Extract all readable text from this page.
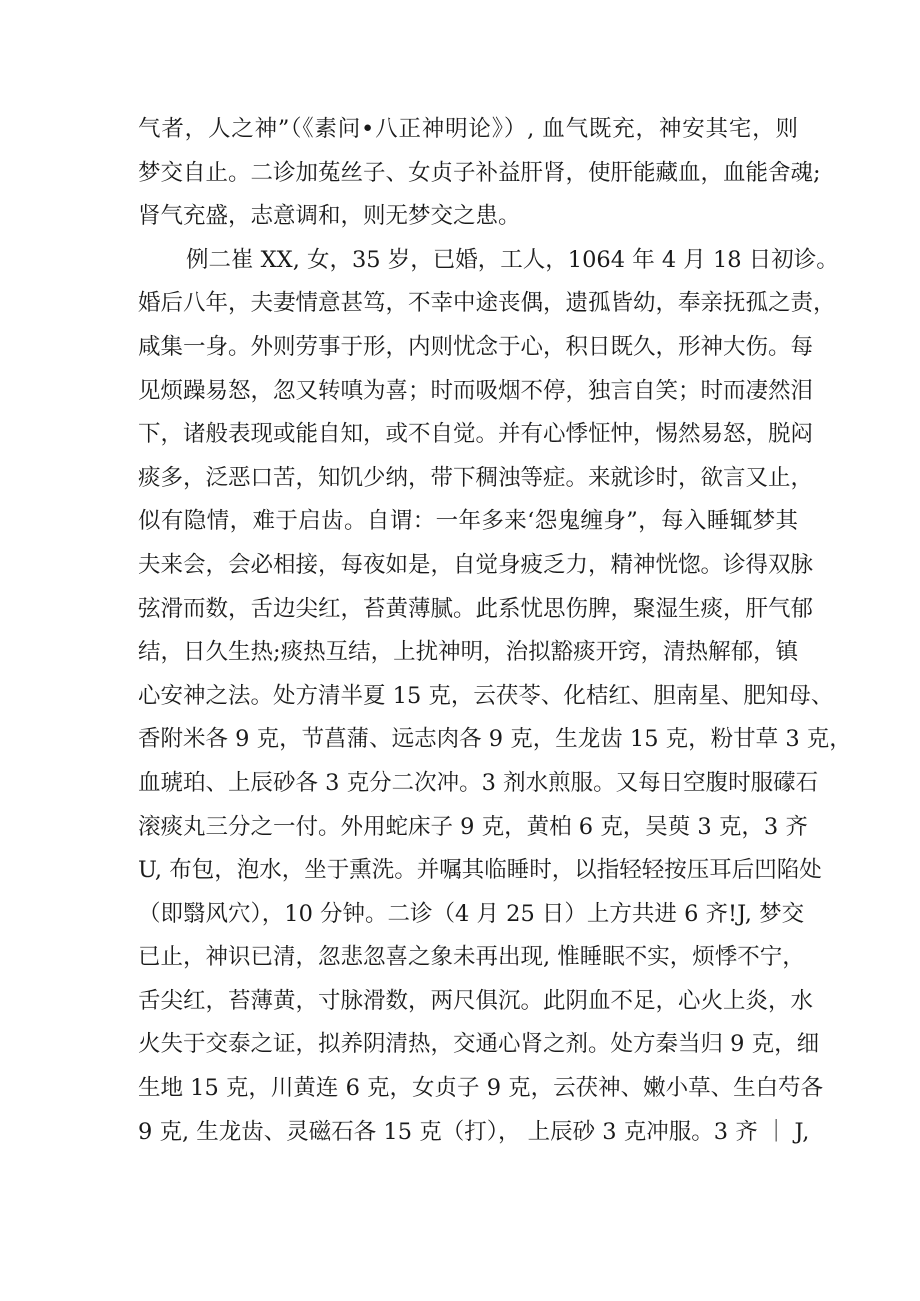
气者，人之神”（《素问•八正神明论》）, 血气既充，神安其宅，则
梦交自止。二诊加菟丝子、女贞子补益肝肾，使肝能藏血，血能舍魂;
肾气充盛，志意调和，则无梦交之患。
例二崔 XX, 女，35 岁，已婚，工人，1064 年 4 月 18 日初诊。
婚后八年，夫妻情意甚笃，不幸中途丧偶，遗孤皆幼，奉亲抚孤之责，
咸集一身。外则劳事于形，内则忧念于心，积日既久，形神大伤。每
见烦躁易怒，忽又转嗔为喜；时而吸烟不停，独言自笑；时而凄然泪
下，诸般表现或能自知，或不自觉。并有心悸怔忡，惕然易怒，脱闷
痰多，泛恶口苦，知饥少纳，带下稠浊等症。来就诊时，欲言又止，
似有隐情，难于启齿。自谓：一年多来‘怨鬼缠身”，每入睡辄梦其
夫来会，会必相接，每夜如是，自觉身疲乏力，精神恍惚。诊得双脉
弦滑而数，舌边尖红，苔黄薄腻。此系忧思伤脾，聚湿生痰，肝气郁
结，日久生热;痰热互结，上扰神明，治拟豁痰开窍，清热解郁，镇
心安神之法。处方清半夏 15 克，云茯苓、化桔红、胆南星、肥知母、
香附米各 9 克，节菖蒲、远志肉各 9 克，生龙齿 15 克，粉甘草 3 克，
血琥珀、上辰砂各 3 克分二次冲。3 剂水煎服。又每日空腹时服礞石
滚痰丸三分之一付。外用蛇床子 9 克，黄柏 6 克，吴萸 3 克，3 齐
U, 布包，泡水，坐于熏洗。并嘱其临睡时，以指轻轻按压耳后凹陷处
（即翳风穴），10 分钟。二诊（4 月 25 日）上方共进 6 齐!J, 梦交
已止，神识已清，忽悲忽喜之象未再出现, 惟睡眠不实，烦悸不宁，
舌尖红，苔薄黄，寸脉滑数，两尺俱沉。此阴血不足，心火上炎，水
火失于交泰之证，拟养阴清热，交通心肾之剂。处方秦当归 9 克，细
生地 15 克，川黄连 6 克，女贞子 9 克，云茯神、嫩小草、生白芍各
9 克, 生龙齿、灵磁石各 15 克（打）， 上辰砂 3 克冲服。3 齐 ｜ J,
